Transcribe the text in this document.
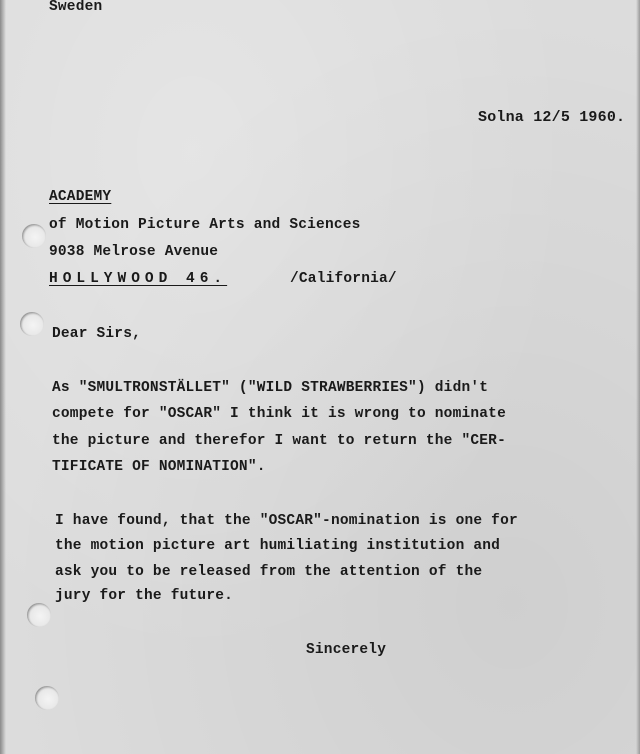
Sweden
Solna 12/5 1960.
ACADEMY
of Motion Picture Arts and Sciences
9038 Melrose Avenue
HOLLYWOOD 46.	/California/
Dear Sirs,
As "SMULTRONSTÄLLET" ("WILD STRAWBERRIES") didn't
compete for "OSCAR" I think it is wrong to nominate
the picture and therefor I want to return the "CER-
TIFICATE OF NOMINATION".
I have found, that the "OSCAR"-nomination is one for
the motion picture art humiliating institution and
ask you to be released from the attention of the
jury for the future.
Sincerely
